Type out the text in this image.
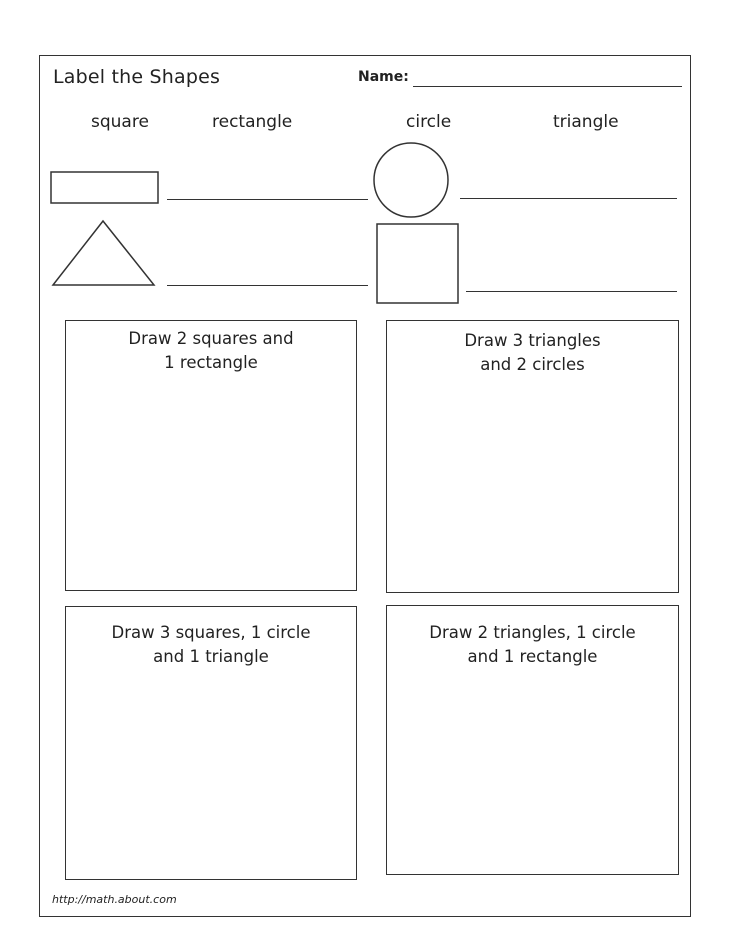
Label the Shapes	Name:
square	rectangle	circle	triangle
Draw 2 squares and
1 rectangle
Draw 3 triangles
and 2 circles
Draw 3 squares, 1 circle
and 1 triangle
Draw 2 triangles, 1 circle
and 1 rectangle
http://math.about.com
